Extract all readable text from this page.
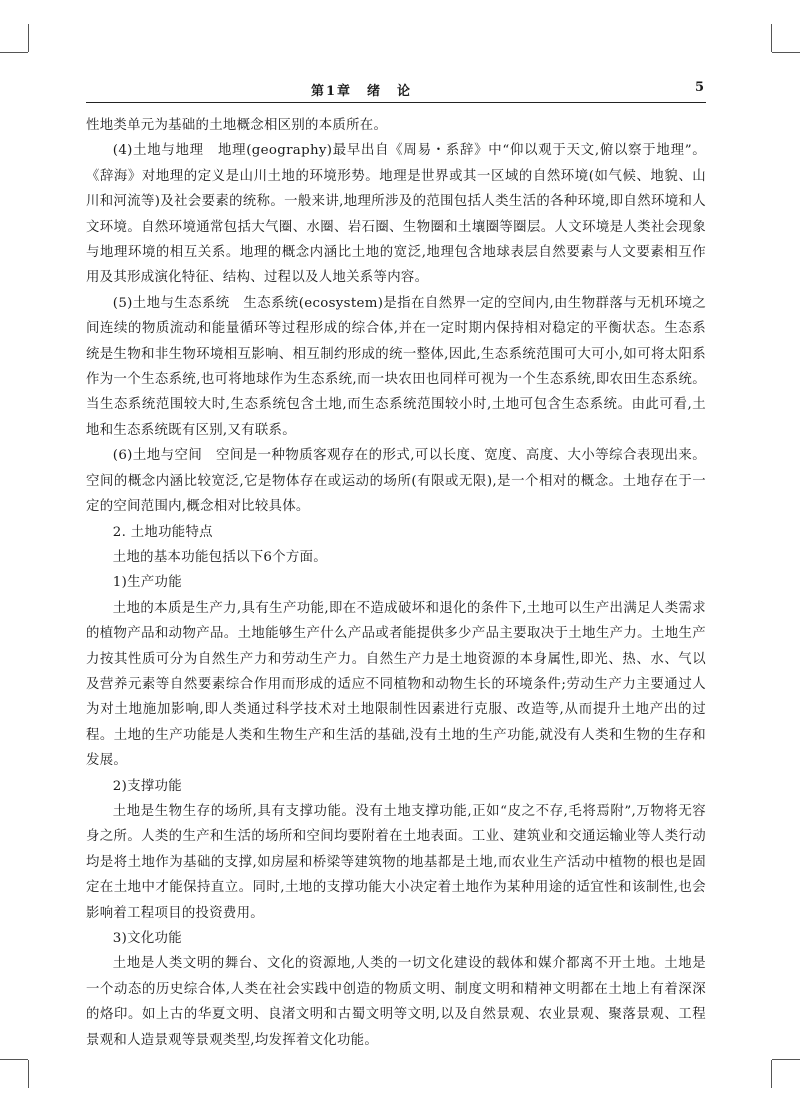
第1章　绪　论	5

性地类单元为基础的土地概念相区别的本质所在。

(4)土地与地理　地理(geography)最早出自《周易・系辞》中“仰以观于天文,俯以察于地理”。《辞海》对地理的定义是山川土地的环境形势。地理是世界或其一区域的自然环境(如气候、地貌、山川和河流等)及社会要素的统称。一般来讲,地理所涉及的范围包括人类生活的各种环境,即自然环境和人文环境。自然环境通常包括大气圈、水圈、岩石圈、生物圈和土壤圈等圈层。人文环境是人类社会现象与地理环境的相互关系。地理的概念内涵比土地的宽泛,地理包含地球表层自然要素与人文要素相互作用及其形成演化特征、结构、过程以及人地关系等内容。

(5)土地与生态系统　生态系统(ecosystem)是指在自然界一定的空间内,由生物群落与无机环境之间连续的物质流动和能量循环等过程形成的综合体,并在一定时期内保持相对稳定的平衡状态。生态系统是生物和非生物环境相互影响、相互制约形成的统一整体,因此,生态系统范围可大可小,如可将太阳系作为一个生态系统,也可将地球作为生态系统,而一块农田也同样可视为一个生态系统,即农田生态系统。当生态系统范围较大时,生态系统包含土地,而生态系统范围较小时,土地可包含生态系统。由此可看,土地和生态系统既有区别,又有联系。

(6)土地与空间　空间是一种物质客观存在的形式,可以长度、宽度、高度、大小等综合表现出来。空间的概念内涵比较宽泛,它是物体存在或运动的场所(有限或无限),是一个相对的概念。土地存在于一定的空间范围内,概念相对比较具体。

2. 土地功能特点

土地的基本功能包括以下6个方面。

1)生产功能

土地的本质是生产力,具有生产功能,即在不造成破坏和退化的条件下,土地可以生产出满足人类需求的植物产品和动物产品。土地能够生产什么产品或者能提供多少产品主要取决于土地生产力。土地生产力按其性质可分为自然生产力和劳动生产力。自然生产力是土地资源的本身属性,即光、热、水、气以及营养元素等自然要素综合作用而形成的适应不同植物和动物生长的环境条件;劳动生产力主要通过人为对土地施加影响,即人类通过科学技术对土地限制性因素进行克服、改造等,从而提升土地产出的过程。土地的生产功能是人类和生物生产和生活的基础,没有土地的生产功能,就没有人类和生物的生存和发展。

2)支撑功能

土地是生物生存的场所,具有支撑功能。没有土地支撑功能,正如“皮之不存,毛将焉附”,万物将无容身之所。人类的生产和生活的场所和空间均要附着在土地表面。工业、建筑业和交通运输业等人类行动均是将土地作为基础的支撑,如房屋和桥梁等建筑物的地基都是土地,而农业生产活动中植物的根也是固定在土地中才能保持直立。同时,土地的支撑功能大小决定着土地作为某种用途的适宜性和该制性,也会影响着工程项目的投资费用。

3)文化功能

土地是人类文明的舞台、文化的资源地,人类的一切文化建设的载体和媒介都离不开土地。土地是一个动态的历史综合体,人类在社会实践中创造的物质文明、制度文明和精神文明都在土地上有着深深的烙印。如上古的华夏文明、良渚文明和古蜀文明等文明,以及自然景观、农业景观、聚落景观、工程景观和人造景观等景观类型,均发挥着文化功能。
